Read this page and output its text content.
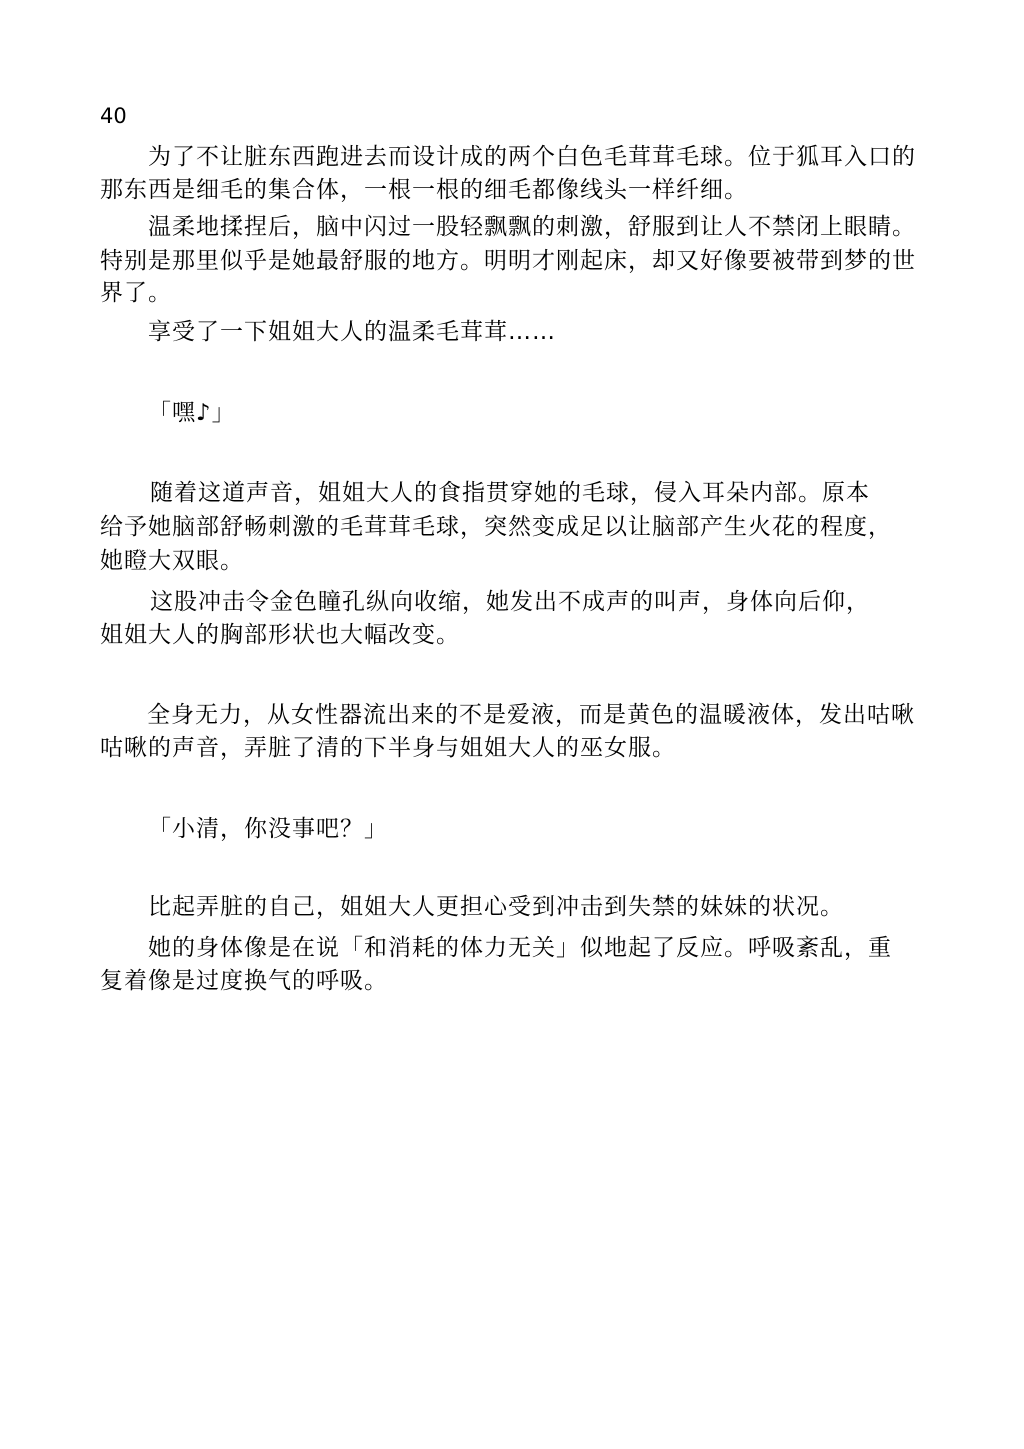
40
为了不让脏东西跑进去而设计成的两个白色毛茸茸毛球。位于狐耳入口的
那东西是细毛的集合体，一根一根的细毛都像线头一样纤细。
温柔地揉捏后，脑中闪过一股轻飘飘的刺激，舒服到让人不禁闭上眼睛。
特别是那里似乎是她最舒服的地方。明明才刚起床，却又好像要被带到梦的世
界了。
享受了一下姐姐大人的温柔毛茸茸……
「嘿♪」
随着这道声音，姐姐大人的食指贯穿她的毛球，侵入耳朵内部。原本
给予她脑部舒畅刺激的毛茸茸毛球，突然变成足以让脑部产生火花的程度，
她瞪大双眼。
这股冲击令金色瞳孔纵向收缩，她发出不成声的叫声，身体向后仰，
姐姐大人的胸部形状也大幅改变。
全身无力，从女性器流出来的不是爱液，而是黄色的温暖液体，发出咕啾
咕啾的声音，弄脏了清的下半身与姐姐大人的巫女服。
「小清，你没事吧？」
比起弄脏的自己，姐姐大人更担心受到冲击到失禁的妹妹的状况。
她的身体像是在说「和消耗的体力无关」似地起了反应。呼吸紊乱，重
复着像是过度换气的呼吸。
